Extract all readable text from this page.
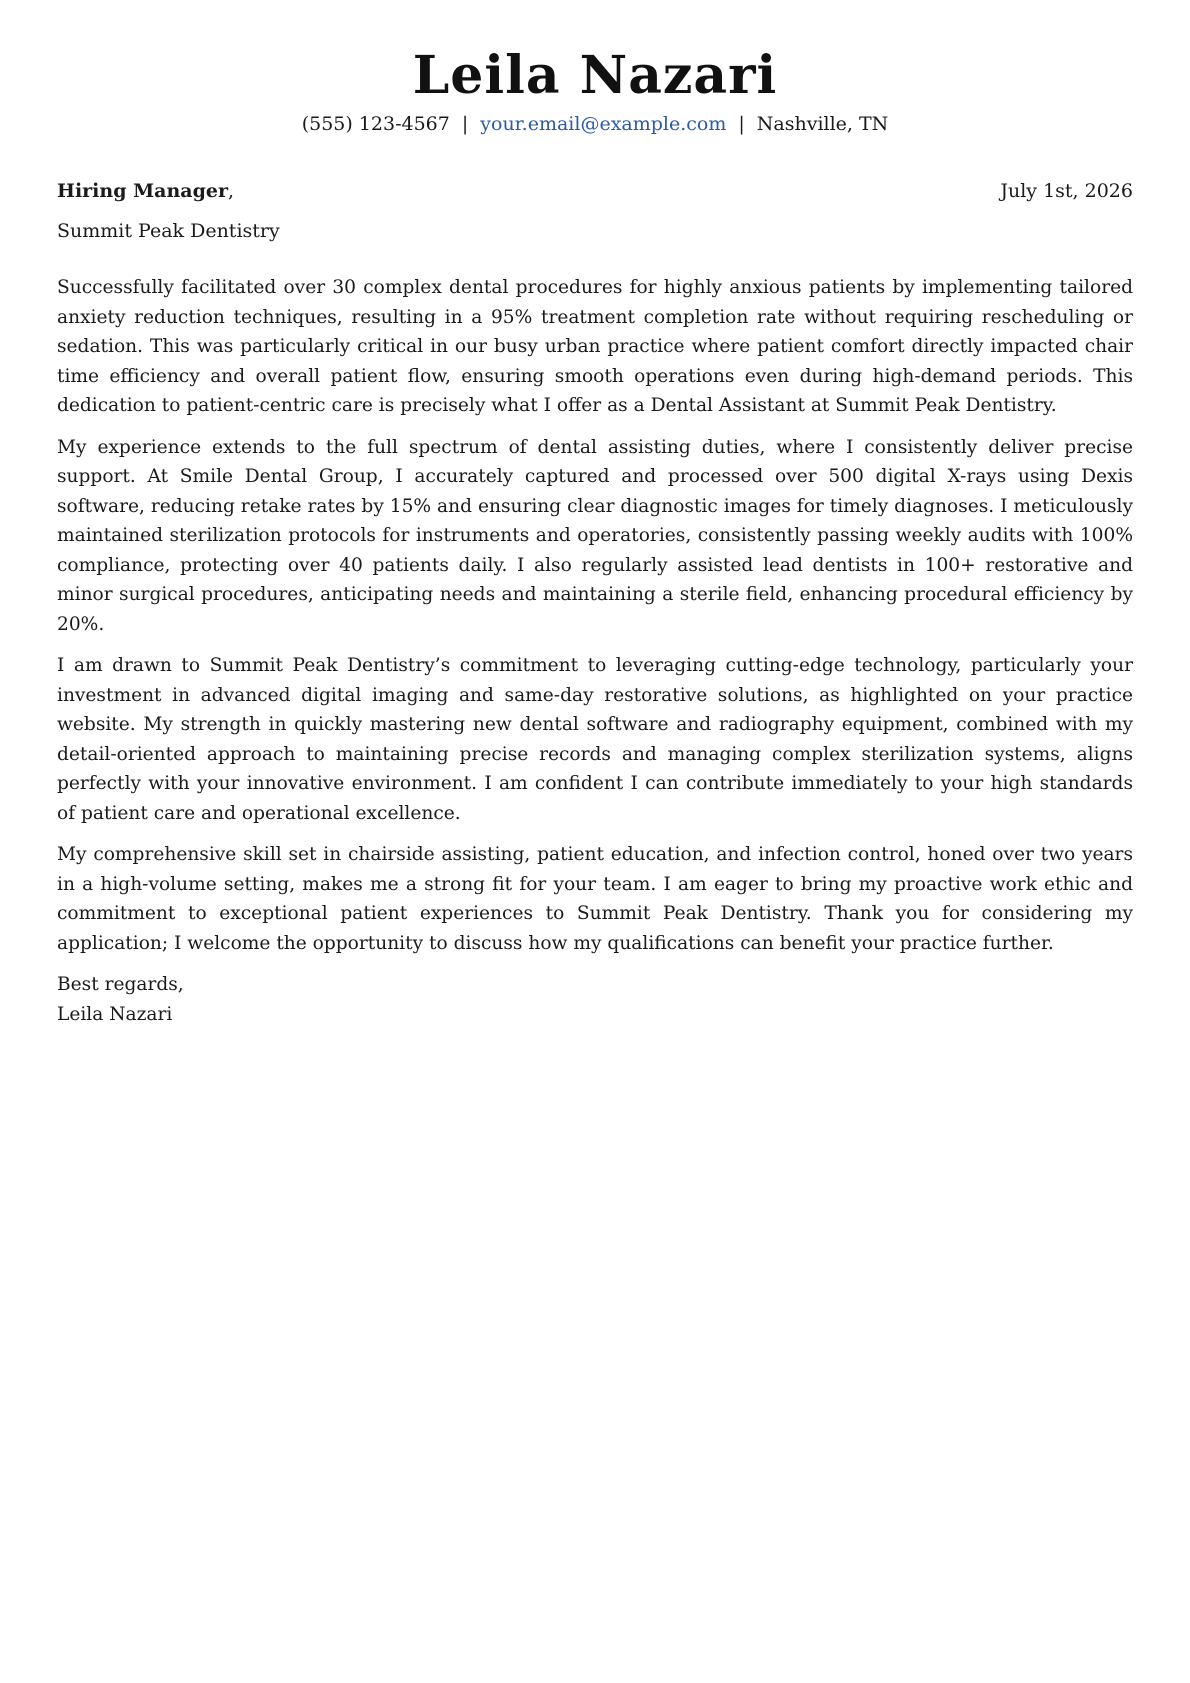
Leila Nazari
(555) 123-4567 | your.email@example.com | Nashville, TN
Hiring Manager,	July 1st, 2026
Summit Peak Dentistry

Successfully facilitated over 30 complex dental procedures for highly anxious patients by implementing tailored anxiety reduction techniques, resulting in a 95% treatment completion rate without requiring rescheduling or sedation. This was particularly critical in our busy urban practice where patient comfort directly impacted chair time efficiency and overall patient flow, ensuring smooth operations even during high-demand periods. This dedication to patient-centric care is precisely what I offer as a Dental Assistant at Summit Peak Dentistry.

My experience extends to the full spectrum of dental assisting duties, where I consistently deliver precise support. At Smile Dental Group, I accurately captured and processed over 500 digital X-rays using Dexis software, reducing retake rates by 15% and ensuring clear diagnostic images for timely diagnoses. I meticulously maintained sterilization protocols for instruments and operatories, consistently passing weekly audits with 100% compliance, protecting over 40 patients daily. I also regularly assisted lead dentists in 100+ restorative and minor surgical procedures, anticipating needs and maintaining a sterile field, enhancing procedural efficiency by 20%.

I am drawn to Summit Peak Dentistry’s commitment to leveraging cutting-edge technology, particularly your investment in advanced digital imaging and same-day restorative solutions, as highlighted on your practice website. My strength in quickly mastering new dental software and radiography equipment, combined with my detail-oriented approach to maintaining precise records and managing complex sterilization systems, aligns perfectly with your innovative environment. I am confident I can contribute immediately to your high standards of patient care and operational excellence.

My comprehensive skill set in chairside assisting, patient education, and infection control, honed over two years in a high-volume setting, makes me a strong fit for your team. I am eager to bring my proactive work ethic and commitment to exceptional patient experiences to Summit Peak Dentistry. Thank you for considering my application; I welcome the opportunity to discuss how my qualifications can benefit your practice further.

Best regards,
Leila Nazari
